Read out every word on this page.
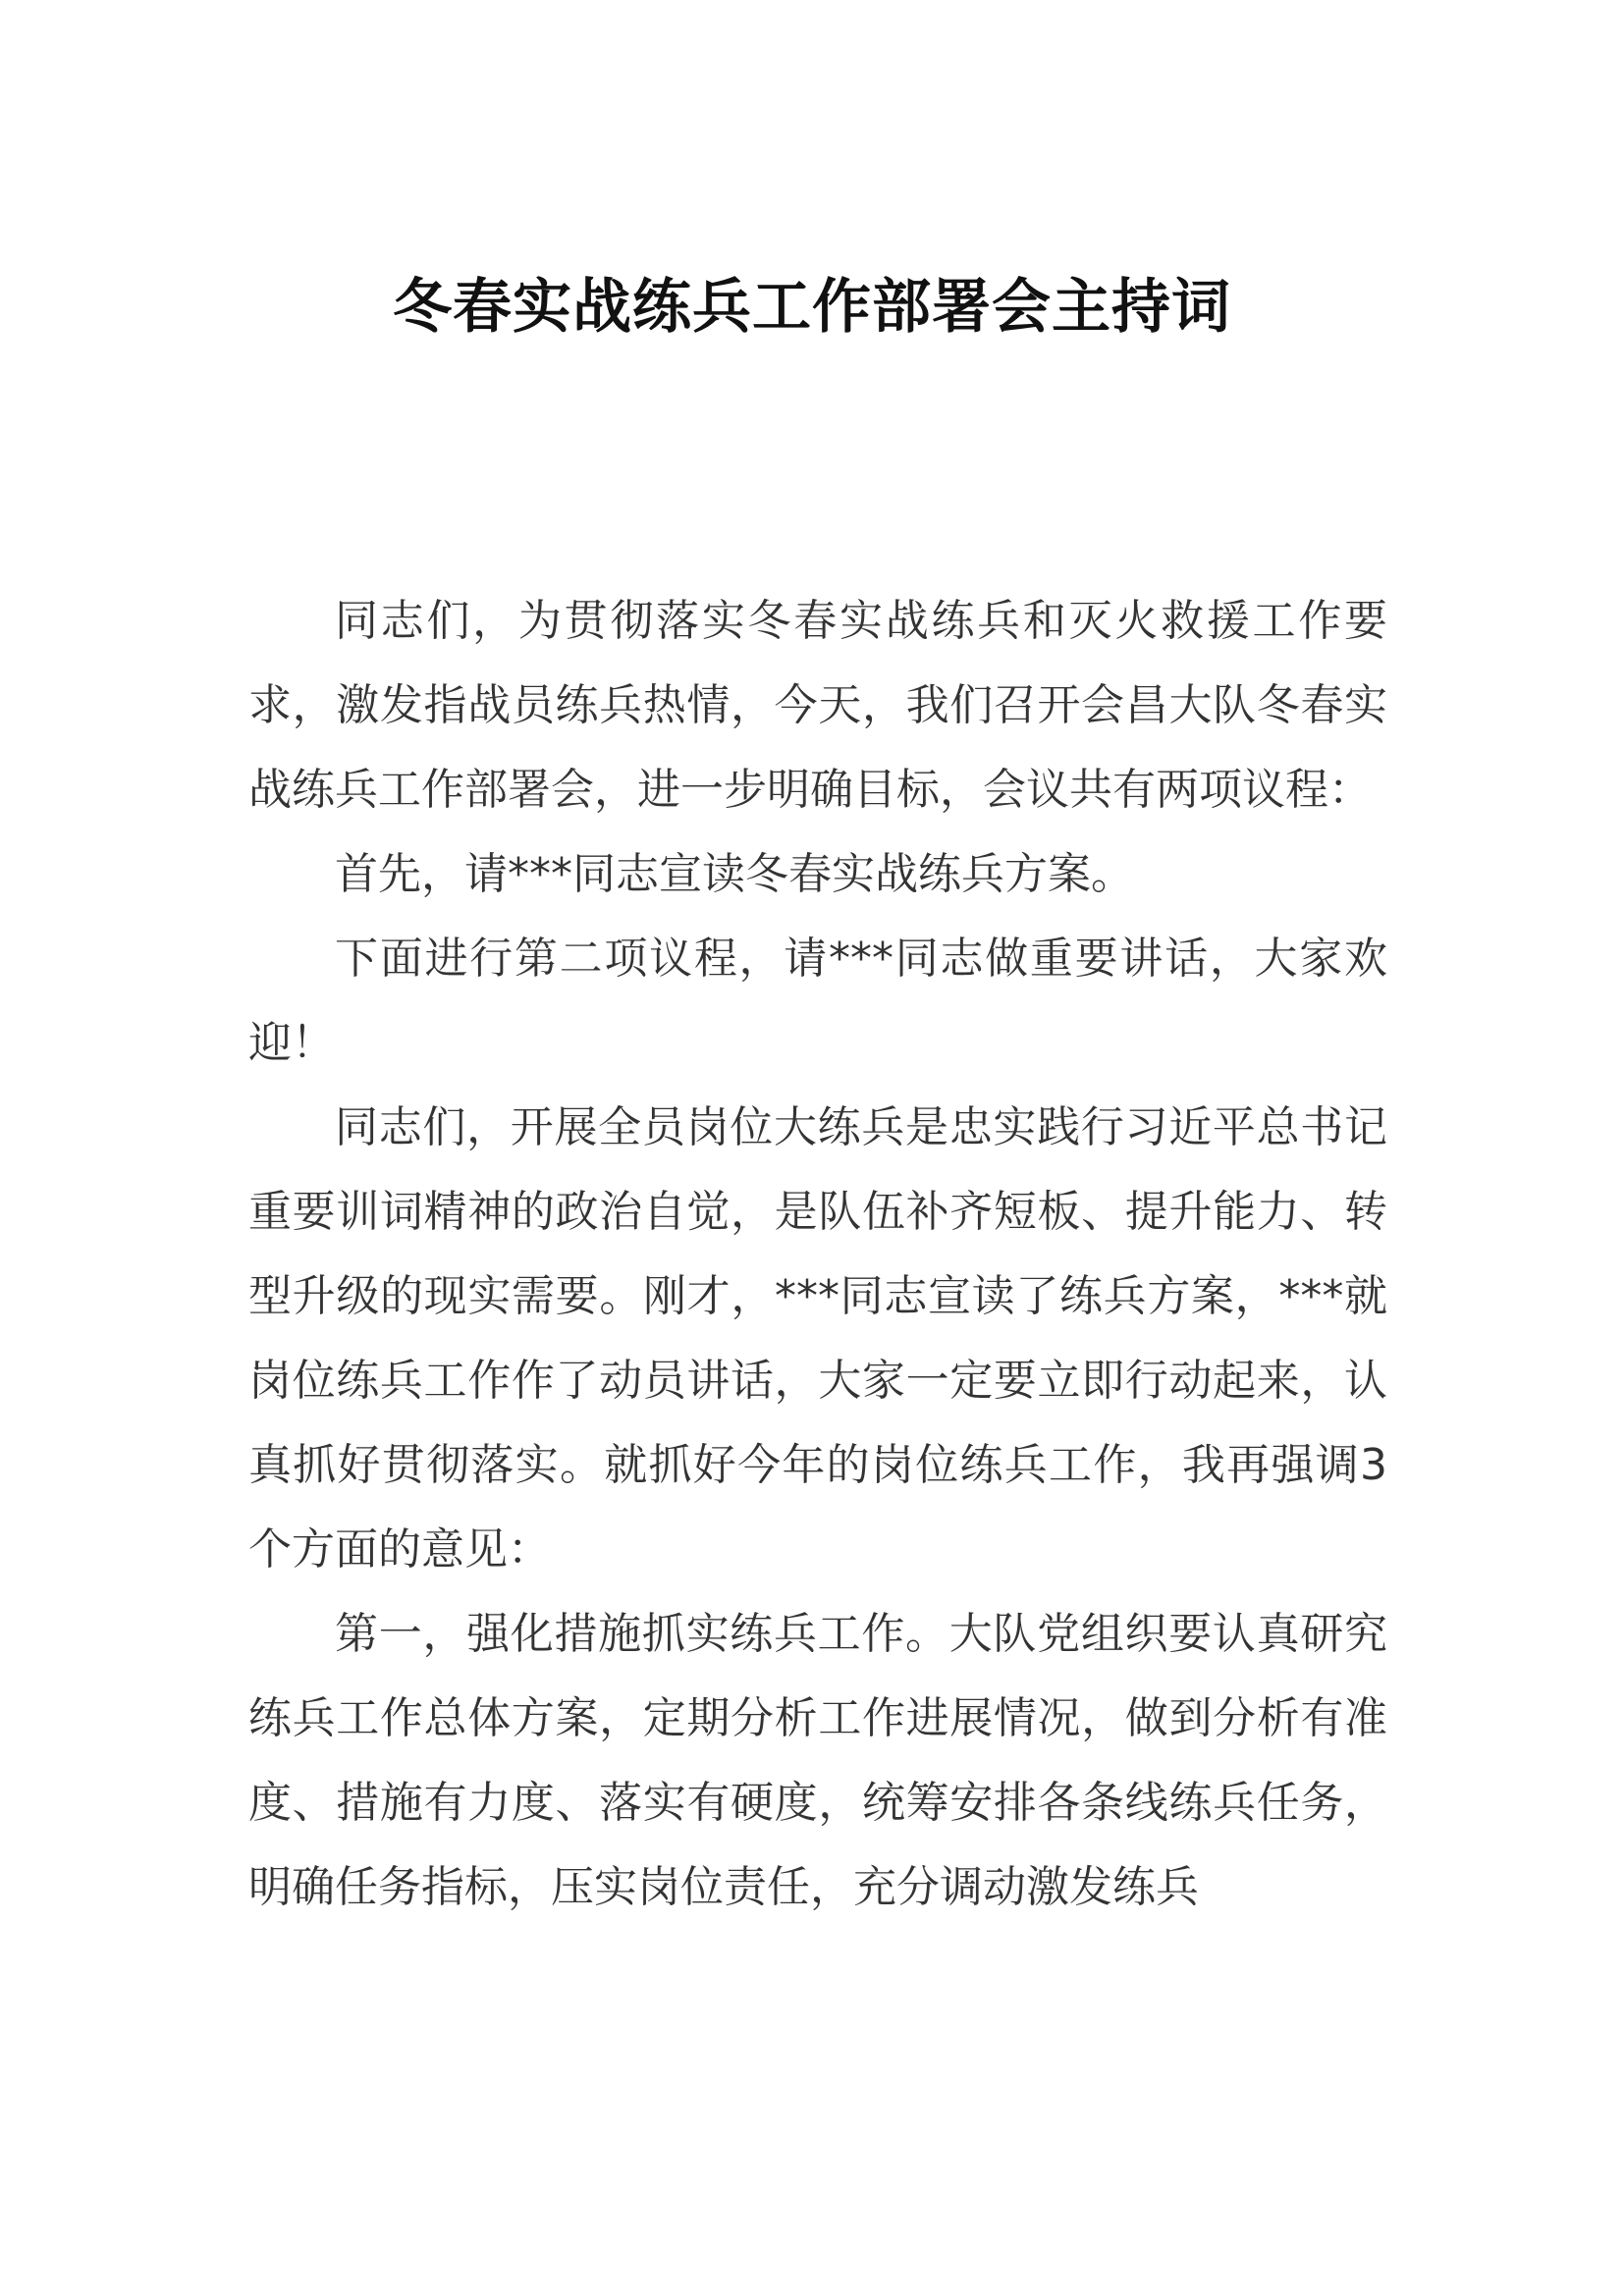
冬春实战练兵工作部署会主持词

同志们，为贯彻落实冬春实战练兵和灭火救援工作要求，激发指战员练兵热情，今天，我们召开会昌大队冬春实战练兵工作部署会，进一步明确目标，会议共有两项议程：

首先，请***同志宣读冬春实战练兵方案。

下面进行第二项议程，请***同志做重要讲话，大家欢迎！

同志们，开展全员岗位大练兵是忠实践行习近平总书记重要训词精神的政治自觉，是队伍补齐短板、提升能力、转型升级的现实需要。刚才，***同志宣读了练兵方案，***就岗位练兵工作作了动员讲话，大家一定要立即行动起来，认真抓好贯彻落实。就抓好今年的岗位练兵工作，我再强调3个方面的意见：

第一，强化措施抓实练兵工作。大队党组织要认真研究练兵工作总体方案，定期分析工作进展情况，做到分析有准度、措施有力度、落实有硬度，统筹安排各条线练兵任务，明确任务指标，压实岗位责任，充分调动激发练兵
